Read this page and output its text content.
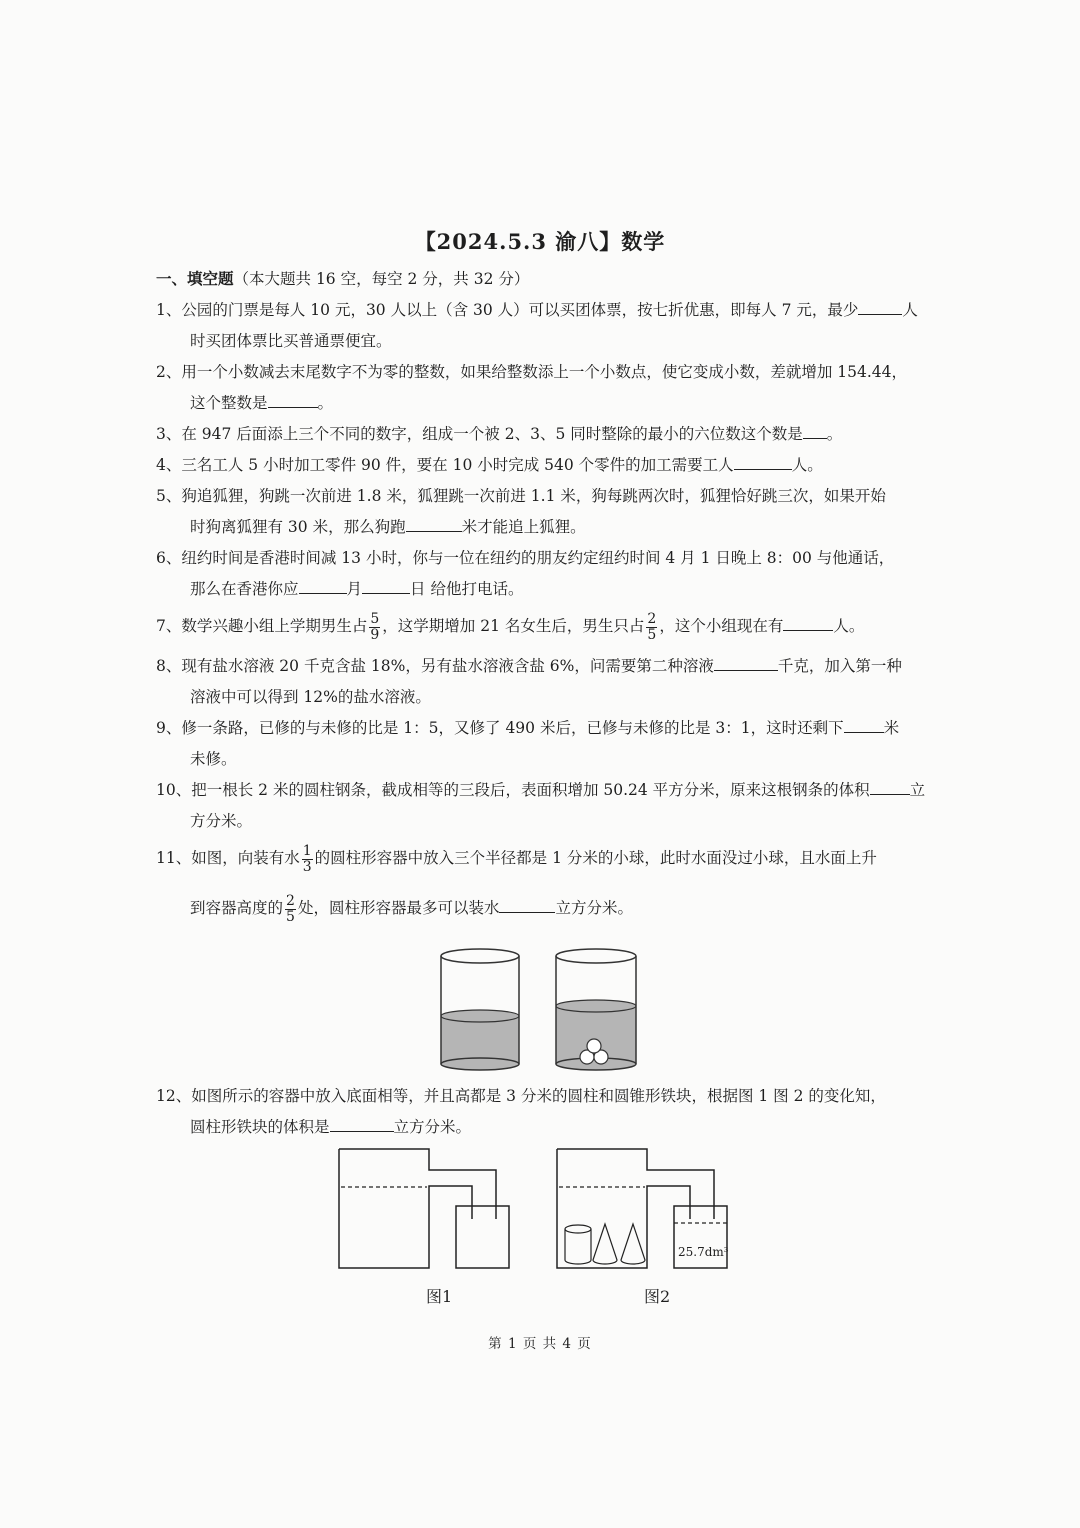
【2024.5.3 渝八】数学
一、填空题（本大题共 16 空，每空 2 分，共 32 分）
1、公园的门票是每人 10 元，30 人以上（含 30 人）可以买团体票，按七折优惠，即每人 7 元，最少	人
时买团体票比买普通票便宜。
2、用一个小数减去末尾数字不为零的整数，如果给整数添上一个小数点，使它变成小数，差就增加 154.44，
这个整数是	。
3、在 947 后面添上三个不同的数字，组成一个被 2、3、5 同时整除的最小的六位数这个数是 。
4、三名工人 5 小时加工零件 90 件，要在 10 小时完成 540 个零件的加工需要工人	人。
5、狗追狐狸，狗跳一次前进 1.8 米，狐狸跳一次前进 1.1 米，狗每跳两次时，狐狸恰好跳三次，如果开始
时狗离狐狸有 30 米，那么狗跑	米才能追上狐狸。
6、纽约时间是香港时间减 13 小时，你与一位在纽约的朋友约定纽约时间 4 月 1 日晚上 8：00 与他通话，
那么在香港你应	月	日 给他打电话。
7、数学兴趣小组上学期男生占 $\frac{5}{9}$ ，这学期增加 21 名女生后，男生只占 $\frac{2}{5}$ ，这个小组现在有	人。
8、现有盐水溶液 20 千克含盐 18%，另有盐水溶液含盐 6%，问需要第二种溶液	千克，加入第一种
溶液中可以得到 12%的盐水溶液。
9、修一条路，已修的与未修的比是 1：5，又修了 490 米后，已修与未修的比是 3：1，这时还剩下	米
未修。
10、把一根长 2 米的圆柱钢条，截成相等的三段后，表面积增加 50.24 平方分米，原来这根钢条的体积	立
方分米。
11、如图，向装有水 $\frac{1}{3}$ 的圆柱形容器中放入三个半径都是 1 分米的小球，此时水面没过小球，且水面上升
到容器高度的 $\frac{2}{5}$ 处，圆柱形容器最多可以装水	立方分米。
12、如图所示的容器中放入底面相等，并且高都是 3 分米的圆柱和圆锥形铁块，根据图 1 图 2 的变化知，
圆柱形铁块的体积是	立方分米。
图1
25.7dm³
图2
第 1 页 共 4 页
